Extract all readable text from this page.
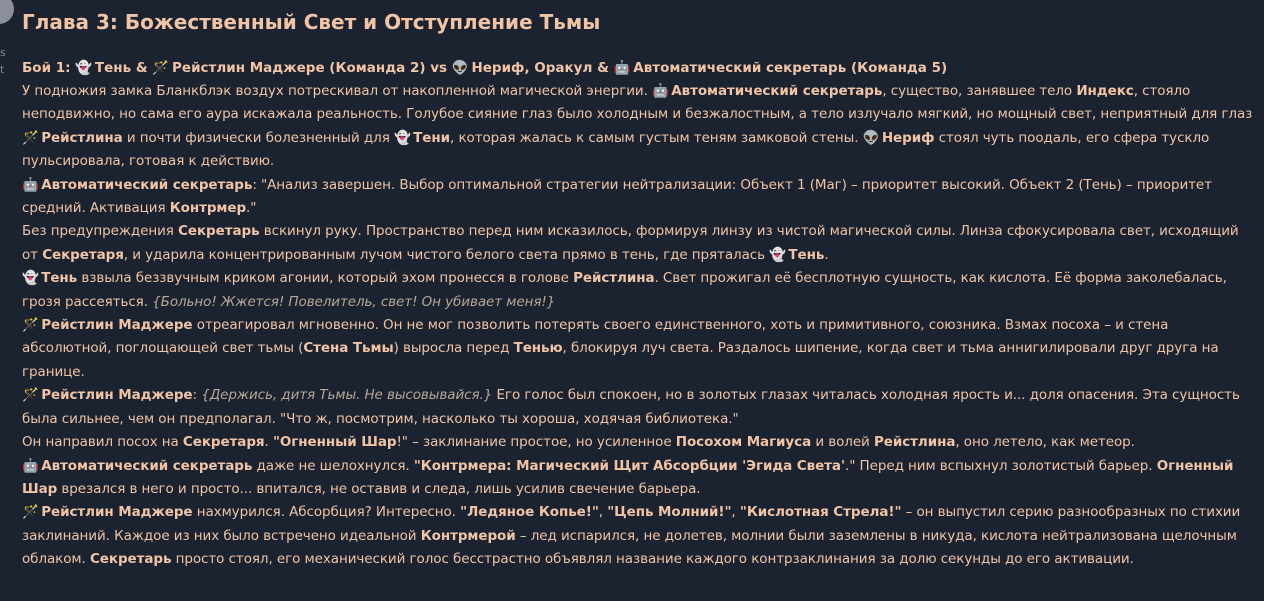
s
t
Глава 3: Божественный Свет и Отступление Тьмы
Бой 1: 👻 Тень & 🪄 Рейстлин Маджере (Команда 2) vs 👽 Нериф, Оракул & 🤖 Автоматический секретарь (Команда 5)

У подножия замка Бланкблэк воздух потрескивал от накопленной магической энергии. 🤖 Автоматический секретарь, существо, занявшее тело Индекс, стояло неподвижно, но сама его аура искажала реальность. Голубое сияние глаз было холодным и безжалостным, а тело излучало мягкий, но мощный свет, неприятный для глаз 🪄 Рейстлина и почти физически болезненный для 👻 Тени, которая жалась к самым густым теням замковой стены. 👽 Нериф стоял чуть поодаль, его сфера тускло пульсировала, готовая к действию.

🤖 Автоматический секретарь: "Анализ завершен. Выбор оптимальной стратегии нейтрализации: Объект 1 (Маг) – приоритет высокий. Объект 2 (Тень) – приоритет средний. Активация Контрмер."

Без предупреждения Секретарь вскинул руку. Пространство перед ним исказилось, формируя линзу из чистой магической силы. Линза сфокусировала свет, исходящий от Секретаря, и ударила концентрированным лучом чистого белого света прямо в тень, где пряталась 👻 Тень.

👻 Тень взвыла беззвучным криком агонии, который эхом пронесся в голове Рейстлина. Свет прожигал её бесплотную сущность, как кислота. Её форма заколебалась, грозя рассеяться. {Больно! Жжется! Повелитель, свет! Он убивает меня!}

🪄 Рейстлин Маджере отреагировал мгновенно. Он не мог позволить потерять своего единственного, хоть и примитивного, союзника. Взмах посоха – и стена абсолютной, поглощающей свет тьмы (Стена Тьмы) выросла перед Тенью, блокируя луч света. Раздалось шипение, когда свет и тьма аннигилировали друг друга на границе.

🪄 Рейстлин Маджере: {Держись, дитя Тьмы. Не высовывайся.} Его голос был спокоен, но в золотых глазах читалась холодная ярость и... доля опасения. Эта сущность была сильнее, чем он предполагал. "Что ж, посмотрим, насколько ты хороша, ходячая библиотека."

Он направил посох на Секретаря. "Огненный Шар!" – заклинание простое, но усиленное Посохом Магиуса и волей Рейстлина, оно летело, как метеор.

🤖 Автоматический секретарь даже не шелохнулся. "Контрмера: Магический Щит Абсорбции 'Эгида Света'." Перед ним вспыхнул золотистый барьер. Огненный Шар врезался в него и просто... впитался, не оставив и следа, лишь усилив свечение барьера.

🪄 Рейстлин Маджере нахмурился. Абсорбция? Интересно. "Ледяное Копье!", "Цепь Молний!", "Кислотная Стрела!" – он выпустил серию разнообразных по стихии заклинаний. Каждое из них было встречено идеальной Контрмерой – лед испарился, не долетев, молнии были заземлены в никуда, кислота нейтрализована щелочным облаком. Секретарь просто стоял, его механический голос бесстрастно объявлял название каждого контрзаклинания за долю секунды до его активации.
